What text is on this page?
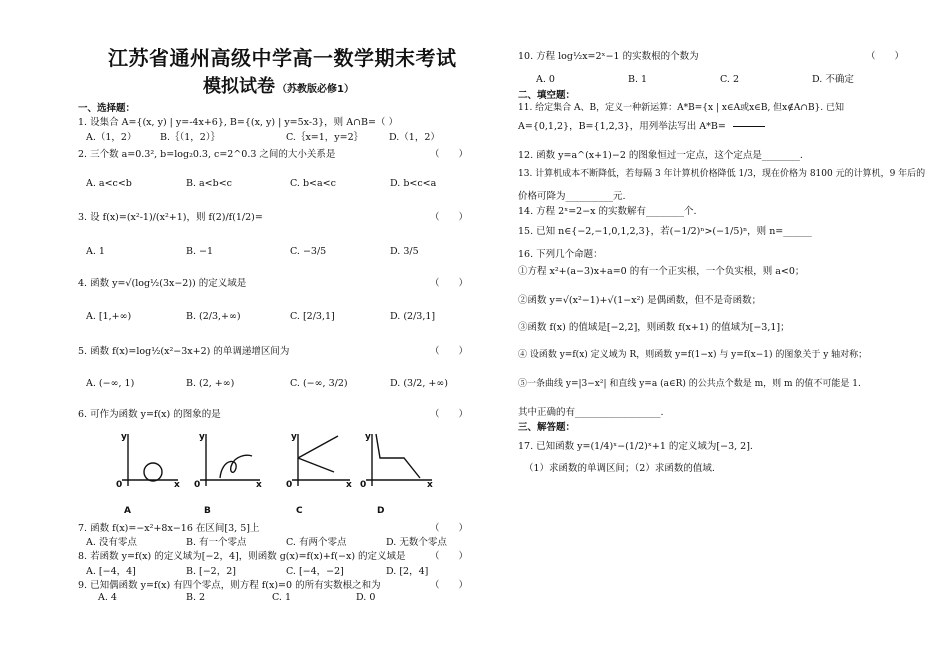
江苏省通州高级中学高一数学期末考试
模拟试卷 （苏教版必修1）
一、选择题：
1. 设集合 A={(x, y) | y=-4x+6}, B={(x, y) | y=5x-3}，则 A∩B=（ ）
A.（1，2） B.｛（1，2）｝	C.｛x=1，y=2｝	D.（1，2）
2. 三个数 a=0.3², b=log₂0.3, c=2^0.3 之间的大小关系是	（　　）
A. a<c<b	B. a<b<c	C. b<a<c	D. b<c<a
3. 设 f(x)=(x²-1)/(x²+1)，则 f(2)/f(1/2)=	（　　）
A. 1	B. −1	C. −3/5	D. 3/5
4. 函数 y=√(log½(3x−2)) 的定义域是	（　　）
A. [1,+∞)	B. (2/3,+∞)	C. [2/3,1]	D. (2/3,1]
5. 函数 f(x)=log½(x²−3x+2) 的单调递增区间为	（　　）
A. (−∞, 1)	B. (2, +∞)	C. (−∞, 3/2)	D. (3/2, +∞)
6. 可作为函数 y=f(x) 的图象的是	（　　）
y
0	x
A
y
0	x
B
y
0	x
C
y
0	x
D
7. 函数 f(x)=−x²+8x−16 在区间[3, 5]上	（　　）
A. 没有零点	B. 有一个零点	C. 有两个零点	D. 无数个零点
8. 若函数 y=f(x) 的定义域为[−2，4]，则函数 g(x)=f(x)+f(−x) 的定义域是	（　　）
A. [−4，4]	B. [−2，2]	C. [−4，−2]	D. [2，4]
9. 已知偶函数 y=f(x) 有四个零点，则方程 f(x)=0 的所有实数根之和为	（　　）
A. 4	B. 2	C. 1	D. 0
10. 方程 log½x=2ˣ−1 的实数根的个数为	（　　）
A. 0	B. 1	C. 2	D. 不确定
二、填空题：
11. 给定集合 A、B，定义一种新运算：A*B={x | x∈A或x∈B, 但x∉A∩B}. 已知
A={0,1,2}，B={1,2,3}，用列举法写出 A*B=
12. 函数 y=a^(x+1)−2 的图象恒过一定点，这个定点是________.
13. 计算机成本不断降低，若每隔 3 年计算机价格降低 1/3，现在价格为 8100 元的计算机，9 年后的
价格可降为__________元.
14. 方程 2ˣ=2−x 的实数解有________个.
15. 已知 n∈{−2,−1,0,1,2,3}，若(−1/2)ⁿ>(−1/5)ⁿ，则 n=______
16. 下列几个命题：
①方程 x²+(a−3)x+a=0 的有一个正实根，一个负实根，则 a<0；
②函数 y=√(x²−1)+√(1−x²) 是偶函数，但不是奇函数；
③函数 f(x) 的值域是[−2,2]，则函数 f(x+1) 的值域为[−3,1]；
④ 设函数 y=f(x) 定义域为 R，则函数 y=f(1−x) 与 y=f(x−1) 的图象关于 y 轴对称；
⑤一条曲线 y=|3−x²| 和直线 y=a (a∈R) 的公共点个数是 m，则 m 的值不可能是 1.
其中正确的有__________________.
三、解答题：
17. 已知函数 y=(1/4)ˣ−(1/2)ˣ+1 的定义域为[−3, 2].
（1）求函数的单调区间；（2）求函数的值域.
